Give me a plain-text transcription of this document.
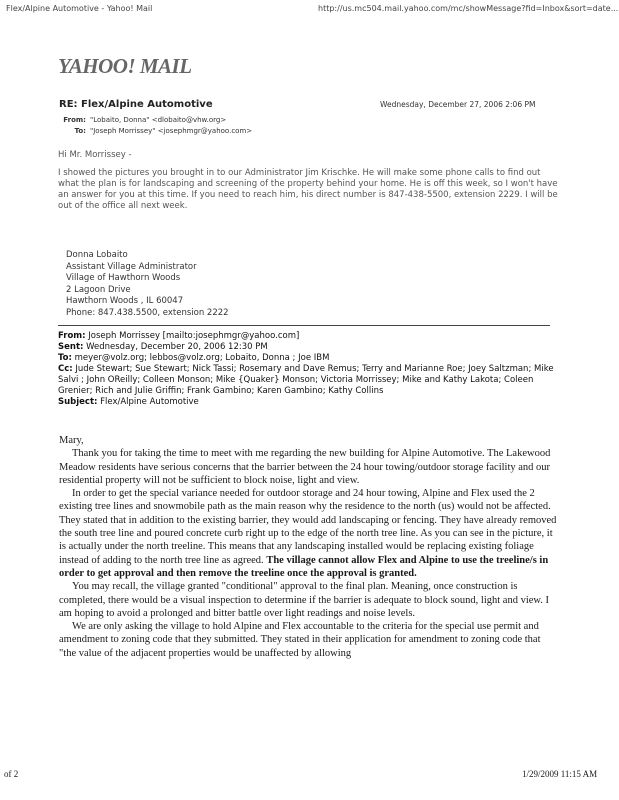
Flex/Alpine Automotive - Yahoo! Mail	http://us.mc504.mail.yahoo.com/mc/showMessage?fid=Inbox&sort=date...
YAHOO! MAIL
RE: Flex/Alpine Automotive	Wednesday, December 27, 2006 2:06 PM
From: "Lobaito, Donna" <dlobaito@vhw.org>
To: "Joseph Morrissey" <josephmgr@yahoo.com>

Hi Mr. Morrissey -

I showed the pictures you brought in to our Administrator Jim Krischke. He will make some phone calls to find out what the plan is for landscaping and screening of the property behind your home. He is off this week, so I won't have an answer for you at this time. If you need to reach him, his direct number is 847-438-5500, extension 2229. I will be out of the office all next week.

Donna Lobaito
Assistant Village Administrator
Village of Hawthorn Woods
2 Lagoon Drive
Hawthorn Woods , IL 60047
Phone: 847.438.5500, extension 2222
From: Joseph Morrissey [mailto:josephmgr@yahoo.com]
Sent: Wednesday, December 20, 2006 12:30 PM
To: meyer@volz.org; lebbos@volz.org; Lobaito, Donna ; Joe IBM
Cc: Jude Stewart; Sue Stewart; Nick Tassi; Rosemary and Dave Remus; Terry and Marianne Roe; Joey Saltzman; Mike Salvi ; John OReilly; Colleen Monson; Mike {Quaker} Monson; Victoria Morrissey; Mike and Kathy Lakota; Coleen Grenier; Rich and Julie Griffin; Frank Gambino; Karen Gambino; Kathy Collins
Subject: Flex/Alpine Automotive

Mary,

Thank you for taking the time to meet with me regarding the new building for Alpine Automotive. The Lakewood Meadow residents have serious concerns that the barrier between the 24 hour towing/outdoor storage facility and our residential property will not be sufficient to block noise, light and view.

In order to get the special variance needed for outdoor storage and 24 hour towing, Alpine and Flex used the 2 existing tree lines and snowmobile path as the main reason why the residence to the north (us) would not be affected. They stated that in addition to the existing barrier, they would add landscaping or fencing. They have already removed the south tree line and poured concrete curb right up to the edge of the north tree line. As you can see in the picture, it is actually under the north treeline. This means that any landscaping installed would be replacing existing foliage instead of adding to the north tree line as agreed. The village cannot allow Flex and Alpine to use the treeline/s in order to get approval and then remove the treeline once the approval is granted.

You may recall, the village granted "conditional" approval to the final plan. Meaning, once construction is completed, there would be a visual inspection to determine if the barrier is adequate to block sound, light and view. I am hoping to avoid a prolonged and bitter battle over light readings and noise levels.

We are only asking the village to hold Alpine and Flex accountable to the criteria for the special use permit and amendment to zoning code that they submitted. They stated in their application for amendment to zoning code that "the value of the adjacent properties would be unaffected by allowing

of 2	1/29/2009 11:15 AM
